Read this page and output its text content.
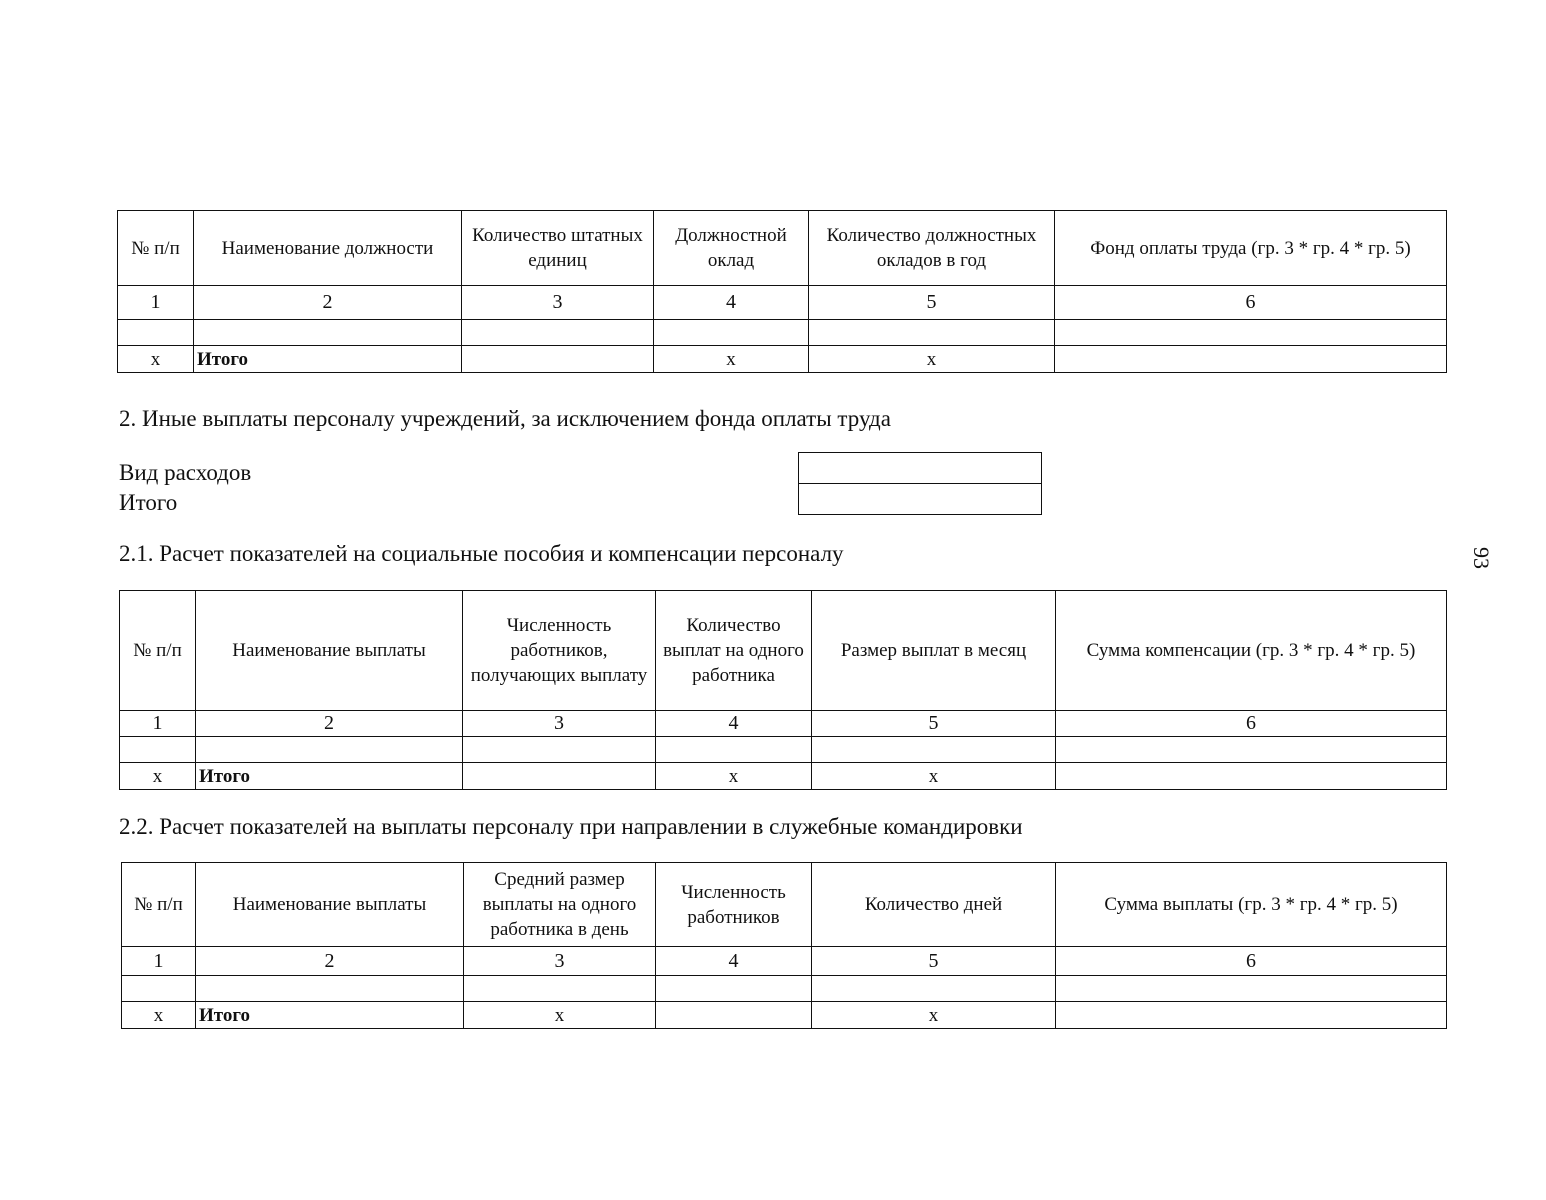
№ п/п	Наименование должности	Количество штатных единиц	Должностной оклад	Количество должностных окладов в год	Фонд оплаты труда (гр. 3 * гр. 4 * гр. 5)
1	2	3	4	5	6

х	Итого		х	х	
2. Иные выплаты персоналу учреждений, за исключением фонда оплаты труда
Вид расходов
Итого

2.1. Расчет показателей на социальные пособия и компенсации персоналу
№ п/п	Наименование выплаты	Численность работников, получающих выплату	Количество выплат на одного работника	Размер выплат в месяц	Сумма компенсации (гр. 3 * гр. 4 * гр. 5)
1	2	3	4	5	6

х	Итого		х	х	
2.2. Расчет показателей на выплаты персоналу при направлении в служебные командировки
№ п/п	Наименование выплаты	Средний размер выплаты на одного работника в день	Численность работников	Количество дней	Сумма выплаты (гр. 3 * гр. 4 * гр. 5)
1	2	3	4	5	6

х	Итого	х		х	
93
